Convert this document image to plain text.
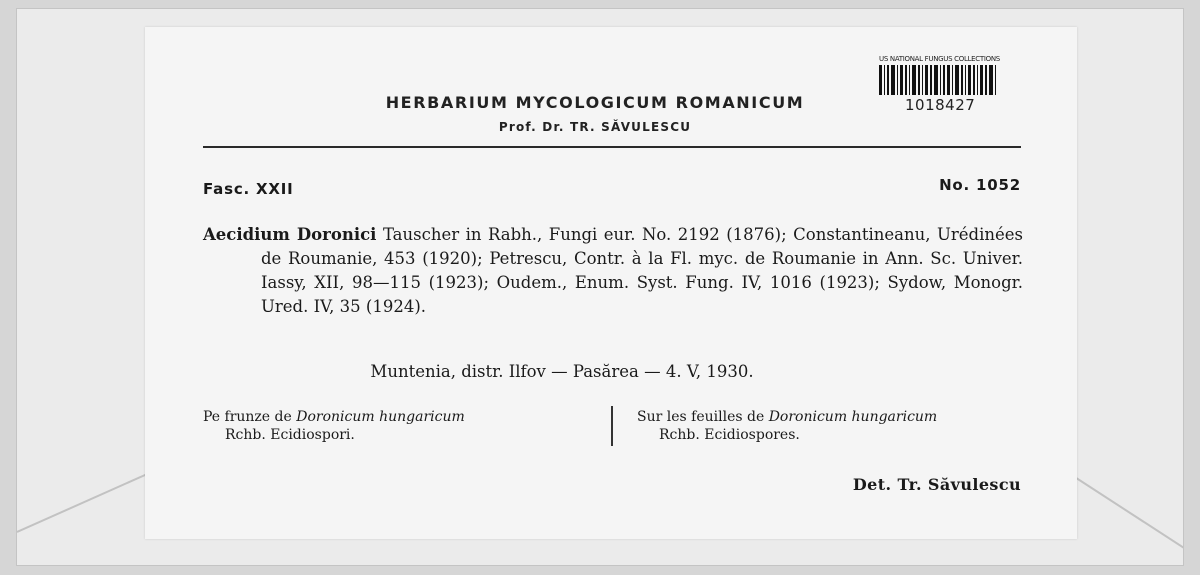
US NATIONAL FUNGUS COLLECTIONS
1018427
HERBARIUM MYCOLOGICUM ROMANICUM
Prof. Dr. TR. SĂVULESCU
Fasc. XXII	No. 1052

Aecidium Doronici Tauscher in Rabh., Fungi eur. No. 2192 (1876); Constantineanu, Urédinées de Roumanie, 453 (1920); Petrescu, Contr. à la Fl. myc. de Roumanie in Ann. Sc. Univer. Iassy, XII, 98—115 (1923); Oudem., Enum. Syst. Fung. IV, 1016 (1923); Sydow, Monogr. Ured. IV, 35 (1924).

Muntenia, distr. Ilfov — Pasărea — 4. V, 1930.

Pe frunze de Doronicum hungaricum
Rchb. Ecidiospori.

Sur les feuilles de Doronicum hungaricum
Rchb. Ecidiospores.

Det. Tr. Săvulescu
